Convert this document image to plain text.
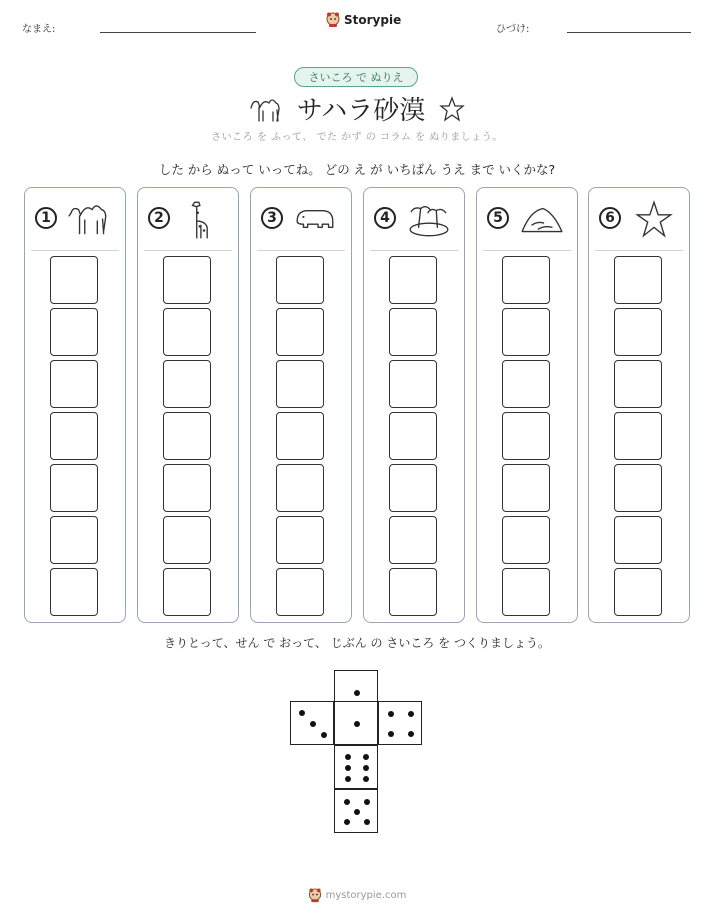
なまえ:
Storypie
ひづけ:
さいころ で ぬりえ
サハラ砂漠
さいころ を ふって、 でた かず の コラム を ぬりましょう。
した から ぬって いってね。 どの え が いちばん うえ まで いくかな?
1	2	3	4	5	6
きりとって、せん で おって、 じぶん の さいころ を つくりましょう。
mystorypie.com
